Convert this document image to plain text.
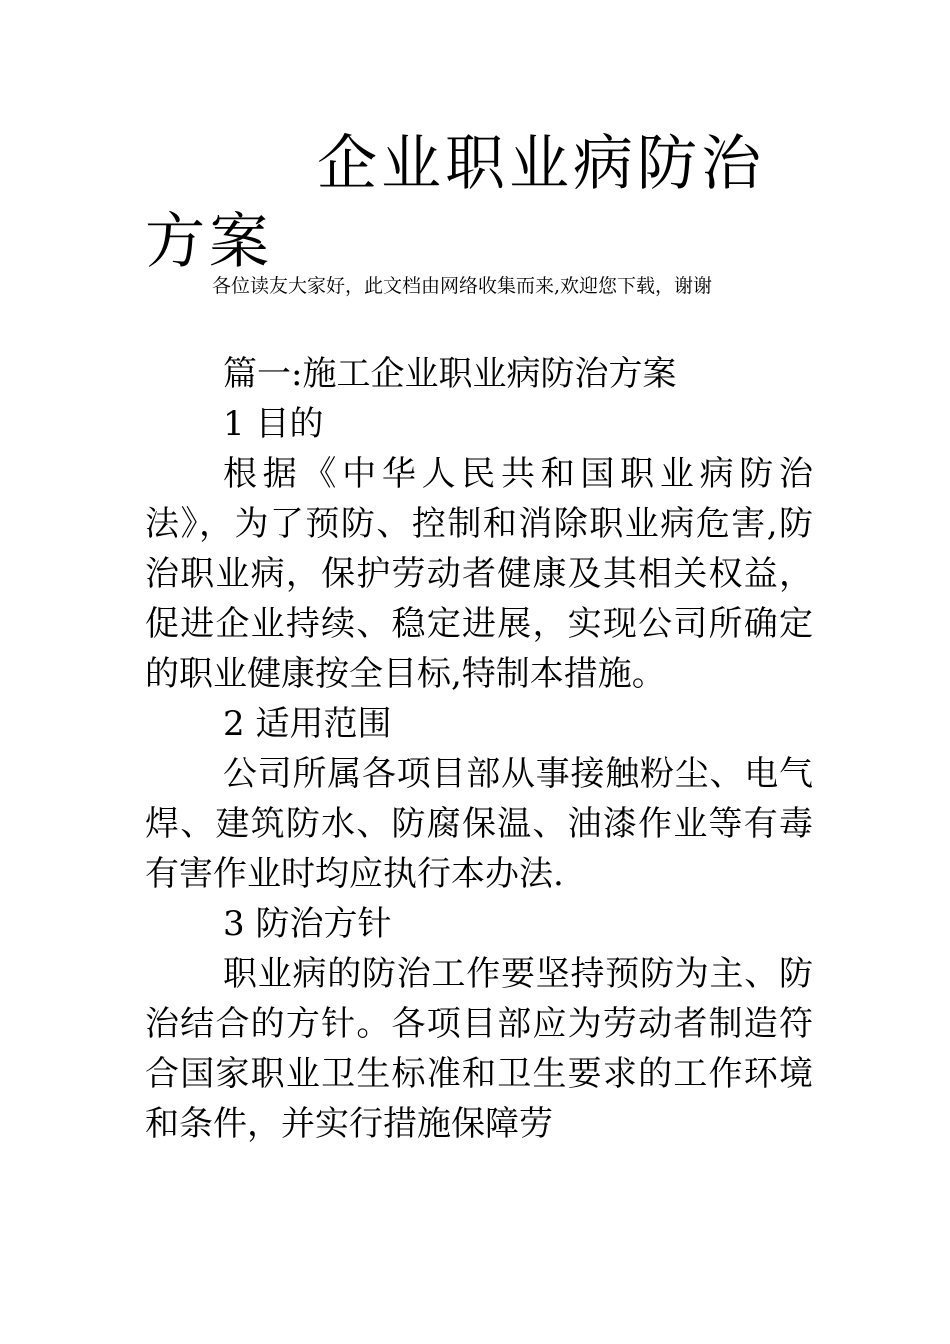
企业职业病防治方案
各位读友大家好，此文档由网络收集而来,欢迎您下载，谢谢

篇一:施工企业职业病防治方案

1 目的

根据《中华人民共和国职业病防治法》，为了预防、控制和消除职业病危害,防治职业病，保护劳动者健康及其相关权益，促进企业持续、稳定进展，实现公司所确定的职业健康按全目标,特制本措施。

2 适用范围

公司所属各项目部从事接触粉尘、电气焊、建筑防水、防腐保温、油漆作业等有毒有害作业时均应执行本办法.

3 防治方针

职业病的防治工作要坚持预防为主、防治结合的方针。各项目部应为劳动者制造符合国家职业卫生标准和卫生要求的工作环境和条件，并实行措施保障劳
